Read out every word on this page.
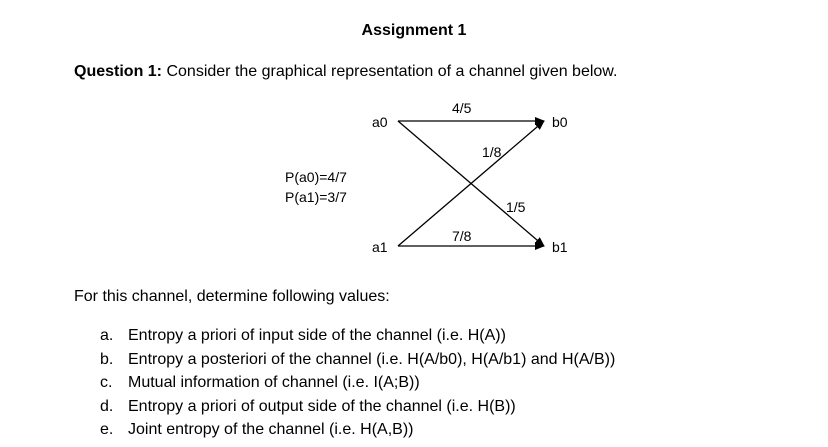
Assignment 1
Question 1: Consider the graphical representation of a channel given below.
a0
a1
b0
b1
P(a0)=4/7
P(a1)=3/7
4/5
1/8
1/5
7/8
For this channel, determine following values:
a. Entropy a priori of input side of the channel (i.e. H(A))
b. Entropy a posteriori of the channel (i.e. H(A/b0), H(A/b1) and H(A/B))
c. Mutual information of channel (i.e. I(A;B))
d. Entropy a priori of output side of the channel (i.e. H(B))
e. Joint entropy of the channel (i.e. H(A,B))
